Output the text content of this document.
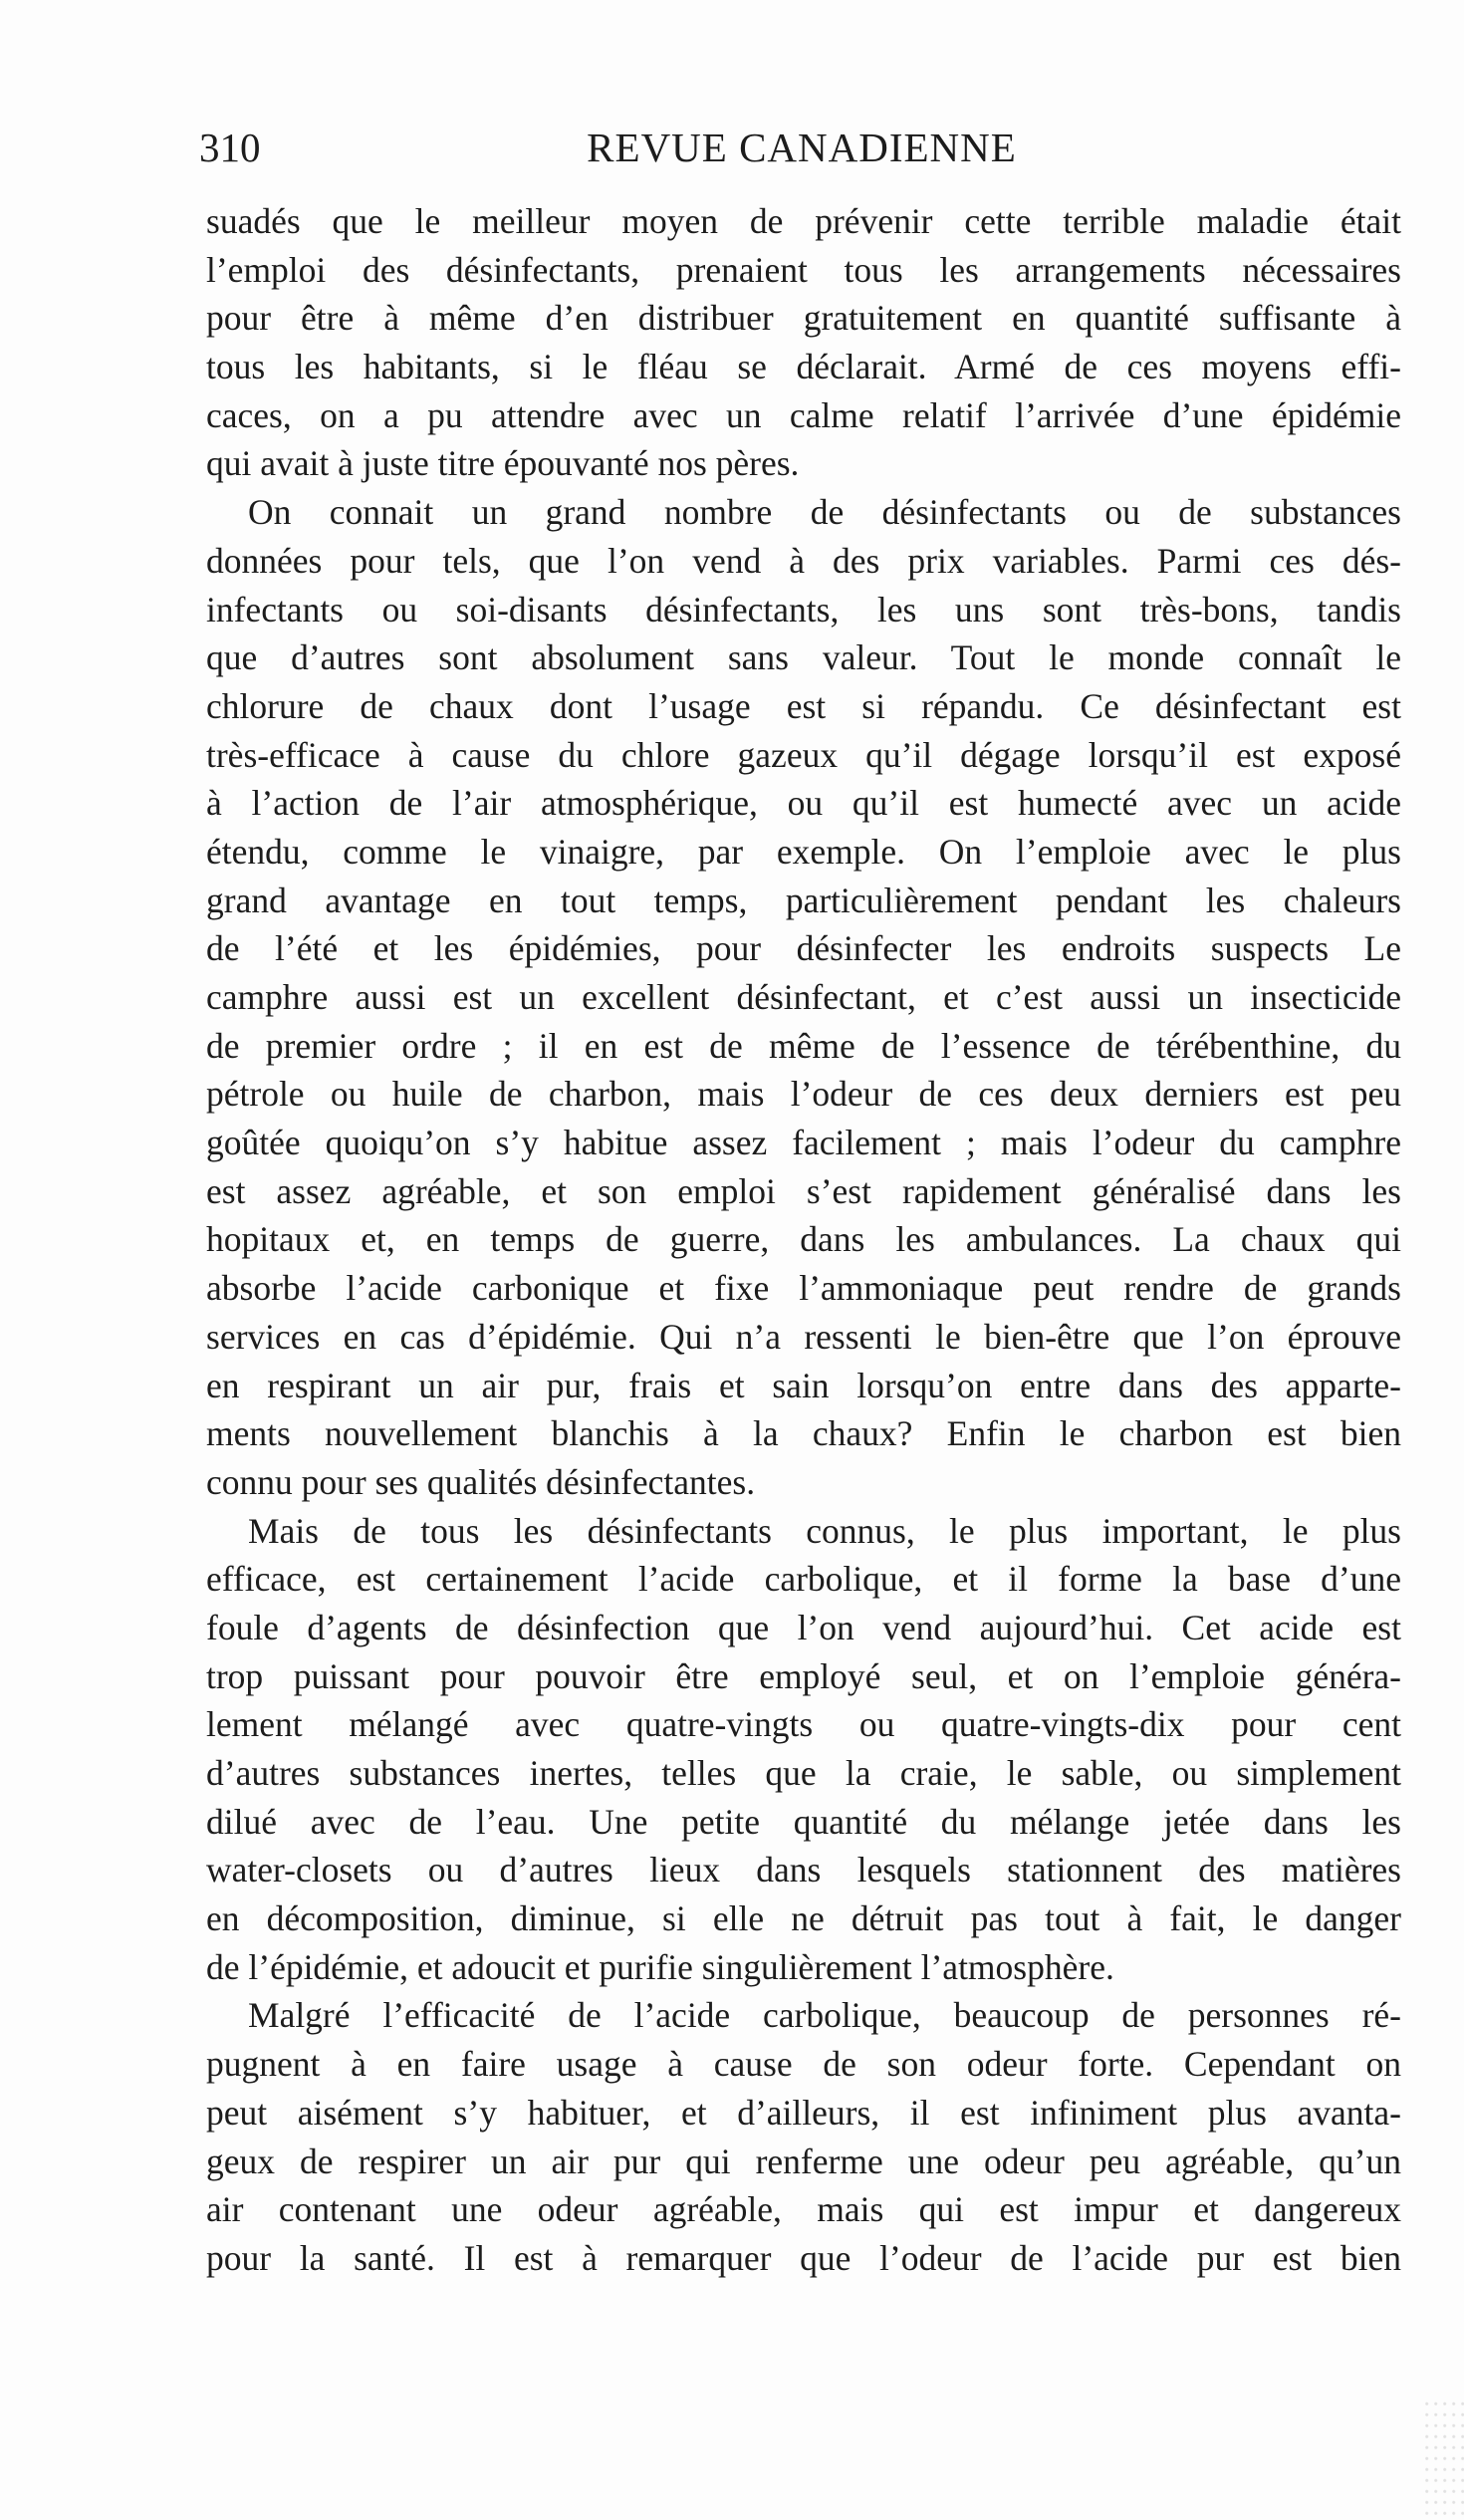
310	REVUE CANADIENNE
suadés que le meilleur moyen de prévenir cette terrible maladie était
l’emploi des désinfectants, prenaient tous les arrangements nécessaires
pour être à même d’en distribuer gratuitement en quantité suffisante à
tous les habitants, si le fléau se déclarait. Armé de ces moyens effi-
caces, on a pu attendre avec un calme relatif l’arrivée d’une épidémie
qui avait à juste titre épouvanté nos pères.
On connait un grand nombre de désinfectants ou de substances
données pour tels, que l’on vend à des prix variables. Parmi ces dés-
infectants ou soi-disants désinfectants, les uns sont très-bons, tandis
que d’autres sont absolument sans valeur. Tout le monde connaît le
chlorure de chaux dont l’usage est si répandu. Ce désinfectant est
très-efficace à cause du chlore gazeux qu’il dégage lorsqu’il est exposé
à l’action de l’air atmosphérique, ou qu’il est humecté avec un acide
étendu, comme le vinaigre, par exemple. On l’emploie avec le plus
grand avantage en tout temps, particulièrement pendant les chaleurs
de l’été et les épidémies, pour désinfecter les endroits suspects Le
camphre aussi est un excellent désinfectant, et c’est aussi un insecticide
de premier ordre ; il en est de même de l’essence de térébenthine, du
pétrole ou huile de charbon, mais l’odeur de ces deux derniers est peu
goûtée quoiqu’on s’y habitue assez facilement ; mais l’odeur du camphre
est assez agréable, et son emploi s’est rapidement généralisé dans les
hopitaux et, en temps de guerre, dans les ambulances. La chaux qui
absorbe l’acide carbonique et fixe l’ammoniaque peut rendre de grands
services en cas d’épidémie. Qui n’a ressenti le bien-être que l’on éprouve
en respirant un air pur, frais et sain lorsqu’on entre dans des apparte-
ments nouvellement blanchis à la chaux? Enfin le charbon est bien
connu pour ses qualités désinfectantes.
Mais de tous les désinfectants connus, le plus important, le plus
efficace, est certainement l’acide carbolique, et il forme la base d’une
foule d’agents de désinfection que l’on vend aujourd’hui. Cet acide est
trop puissant pour pouvoir être employé seul, et on l’emploie généra-
lement mélangé avec quatre-vingts ou quatre-vingts-dix pour cent
d’autres substances inertes, telles que la craie, le sable, ou simplement
dilué avec de l’eau. Une petite quantité du mélange jetée dans les
water-closets ou d’autres lieux dans lesquels stationnent des matières
en décomposition, diminue, si elle ne détruit pas tout à fait, le danger
de l’épidémie, et adoucit et purifie singulièrement l’atmosphère.
Malgré l’efficacité de l’acide carbolique, beaucoup de personnes ré-
pugnent à en faire usage à cause de son odeur forte. Cependant on
peut aisément s’y habituer, et d’ailleurs, il est infiniment plus avanta-
geux de respirer un air pur qui renferme une odeur peu agréable, qu’un
air contenant une odeur agréable, mais qui est impur et dangereux
pour la santé. Il est à remarquer que l’odeur de l’acide pur est bien
